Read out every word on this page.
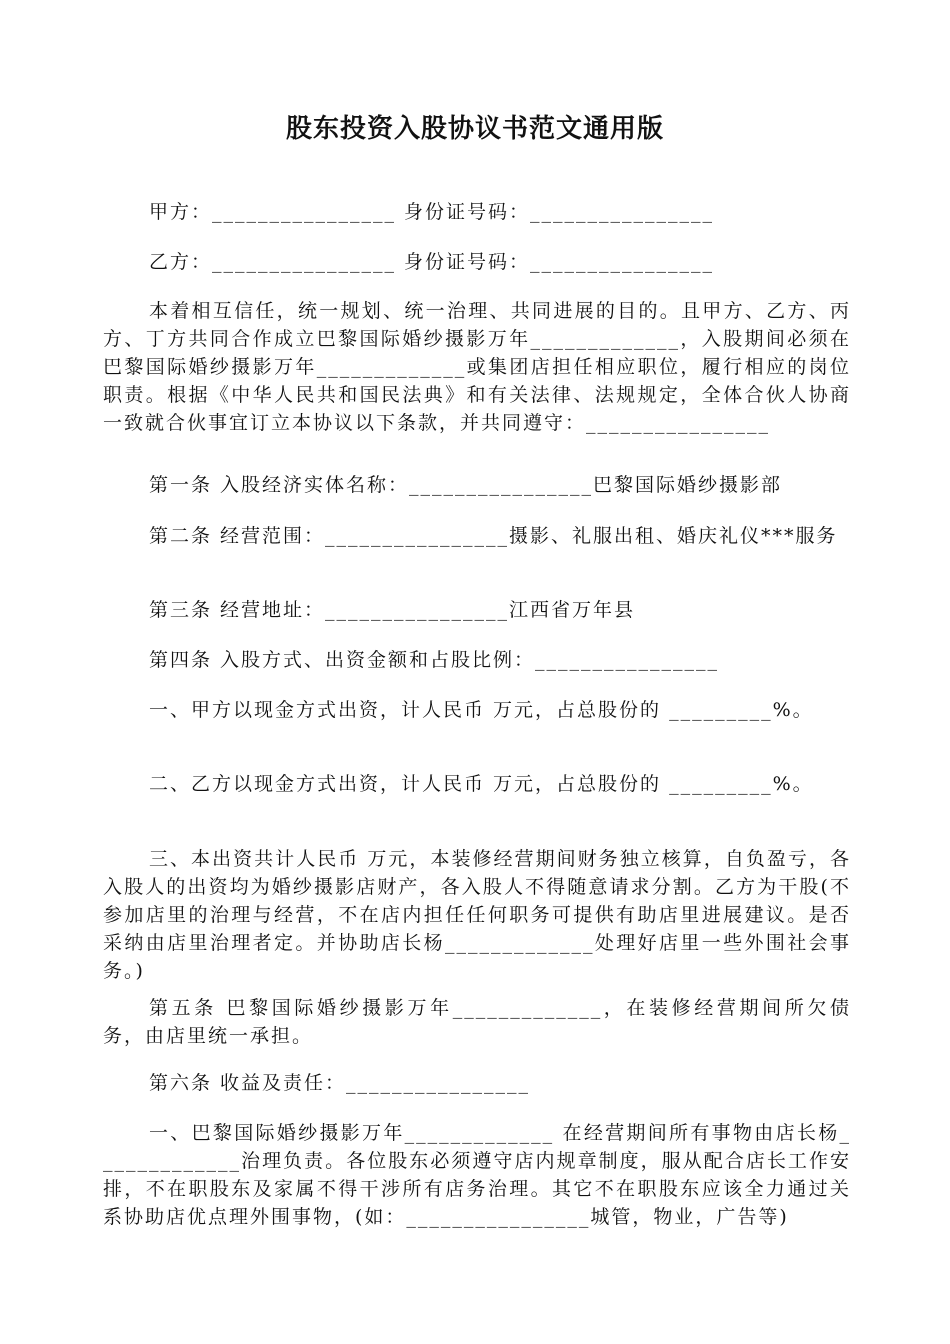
股东投资入股协议书范文通用版

甲方：________________ 身份证号码：________________

乙方：________________ 身份证号码：________________

本着相互信任，统一规划、统一治理、共同进展的目的。且甲方、乙方、丙方、丁方共同合作成立巴黎国际婚纱摄影万年_____________，入股期间必须在巴黎国际婚纱摄影万年_____________或集团店担任相应职位，履行相应的岗位职责。根据《中华人民共和国民法典》和有关法律、法规规定，全体合伙人协商一致就合伙事宜订立本协议以下条款，并共同遵守：________________

第一条 入股经济实体名称：________________巴黎国际婚纱摄影部

第二条 经营范围：________________摄影、礼服出租、婚庆礼仪***服务

第三条 经营地址：________________江西省万年县

第四条 入股方式、出资金额和占股比例：________________

一、甲方以现金方式出资，计人民币 万元，占总股份的 _________%。

二、乙方以现金方式出资，计人民币 万元，占总股份的 _________%。

三、本出资共计人民币 万元，本装修经营期间财务独立核算，自负盈亏，各入股人的出资均为婚纱摄影店财产，各入股人不得随意请求分割。乙方为干股(不参加店里的治理与经营，不在店内担任任何职务可提供有助店里进展建议。是否采纳由店里治理者定。并协助店长杨_____________处理好店里一些外围社会事务。)

第五条 巴黎国际婚纱摄影万年_____________，在装修经营期间所欠债务，由店里统一承担。

第六条 收益及责任：________________

一、巴黎国际婚纱摄影万年_____________ 在经营期间所有事物由店长杨_____________治理负责。各位股东必须遵守店内规章制度，服从配合店长工作安排，不在职股东及家属不得干涉所有店务治理。其它不在职股东应该全力通过关系协助店优点理外围事物，(如：________________城管，物业，广告等)
